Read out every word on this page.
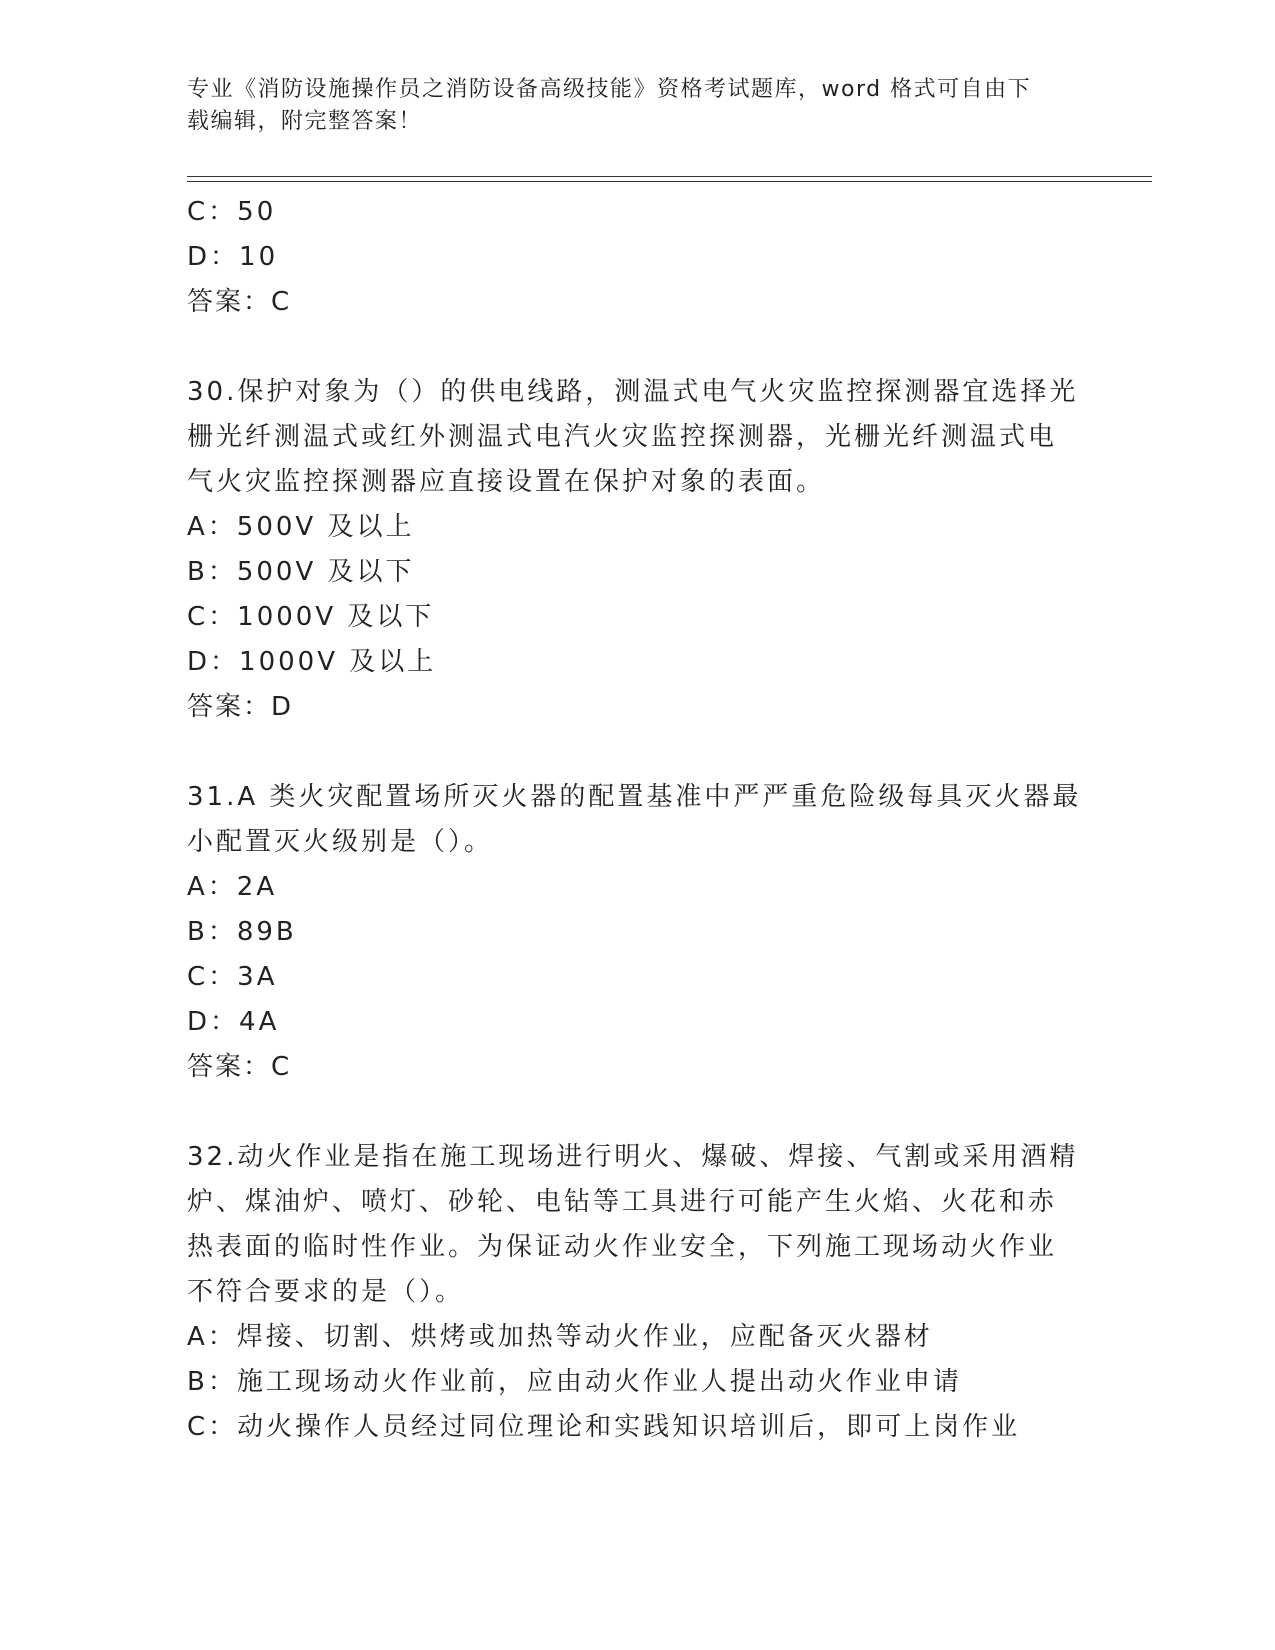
专业《消防设施操作员之消防设备高级技能》资格考试题库，word 格式可自由下
载编辑，附完整答案！
C：50
D：10
答案：C
30.保护对象为（）的供电线路，测温式电气火灾监控探测器宜选择光
栅光纤测温式或红外测温式电汽火灾监控探测器，光栅光纤测温式电
气火灾监控探测器应直接设置在保护对象的表面。
A：500V 及以上
B：500V 及以下
C：1000V 及以下
D：1000V 及以上
答案：D
31.A 类火灾配置场所灭火器的配置基准中严严重危险级每具灭火器最
小配置灭火级别是（）。
A：2A
B：89B
C：3A
D：4A
答案：C
32.动火作业是指在施工现场进行明火、爆破、焊接、气割或采用酒精
炉、煤油炉、喷灯、砂轮、电钻等工具进行可能产生火焰、火花和赤
热表面的临时性作业。为保证动火作业安全，下列施工现场动火作业
不符合要求的是（）。
A：焊接、切割、烘烤或加热等动火作业，应配备灭火器材
B：施工现场动火作业前，应由动火作业人提出动火作业申请
C：动火操作人员经过同位理论和实践知识培训后，即可上岗作业
